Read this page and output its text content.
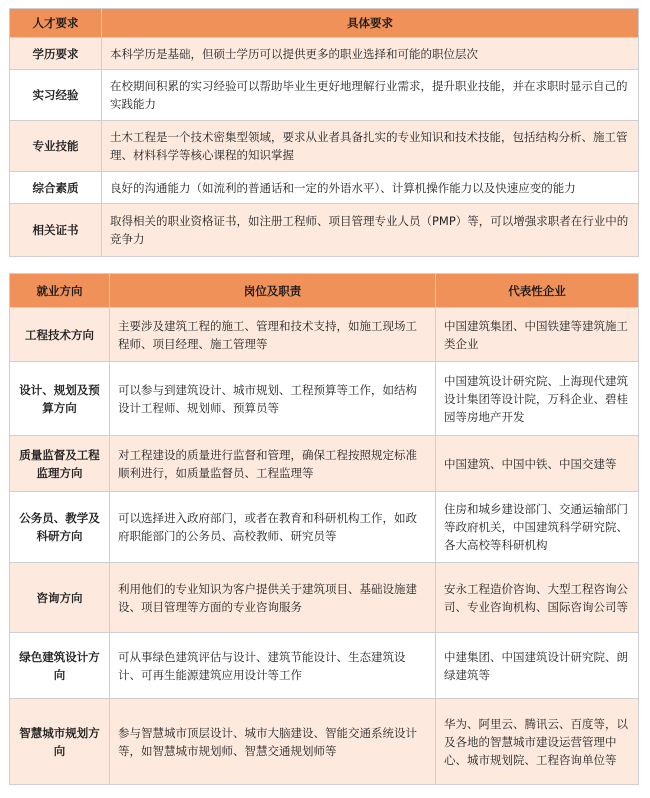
人才要求	具体要求
学历要求	本科学历是基础，但硕士学历可以提供更多的职业选择和可能的职位层次
实习经验	在校期间积累的实习经验可以帮助毕业生更好地理解行业需求，提升职业技能，并在求职时显示自己的实践能力
专业技能	土木工程是一个技术密集型领域，要求从业者具备扎实的专业知识和技术技能，包括结构分析、施工管理、材料科学等核心课程的知识掌握
综合素质	良好的沟通能力（如流利的普通话和一定的外语水平）、计算机操作能力以及快速应变的能力
相关证书	取得相关的职业资格证书，如注册工程师、项目管理专业人员（PMP）等，可以增强求职者在行业中的竞争力
就业方向	岗位及职责	代表性企业
工程技术方向	主要涉及建筑工程的施工、管理和技术支持，如施工现场工程师、项目经理、施工管理等	中国建筑集团、中国铁建等建筑施工类企业
设计、规划及预算方向	可以参与到建筑设计、城市规划、工程预算等工作，如结构设计工程师、规划师、预算员等	中国建筑设计研究院、上海现代建筑设计集团等设计院，万科企业、碧桂园等房地产开发
质量监督及工程监理方向	对工程建设的质量进行监督和管理，确保工程按照规定标准顺利进行，如质量监督员、工程监理等	中国建筑、中国中铁、中国交建等
公务员、教学及科研方向	可以选择进入政府部门，或者在教育和科研机构工作，如政府职能部门的公务员、高校教师、研究员等	住房和城乡建设部门、交通运输部门等政府机关，中国建筑科学研究院、各大高校等科研机构
咨询方向	利用他们的专业知识为客户提供关于建筑项目、基础设施建设、项目管理等方面的专业咨询服务	安永工程造价咨询、大型工程咨询公司、专业咨询机构、国际咨询公司等
绿色建筑设计方向	可从事绿色建筑评估与设计、建筑节能设计、生态建筑设计、可再生能源建筑应用设计等工作	中建集团、中国建筑设计研究院、朗绿建筑等
智慧城市规划方向	参与智慧城市顶层设计、城市大脑建设、智能交通系统设计等，如智慧城市规划师、智慧交通规划师等	华为、阿里云、腾讯云、百度等，以及各地的智慧城市建设运营管理中心、城市规划院、工程咨询单位等
